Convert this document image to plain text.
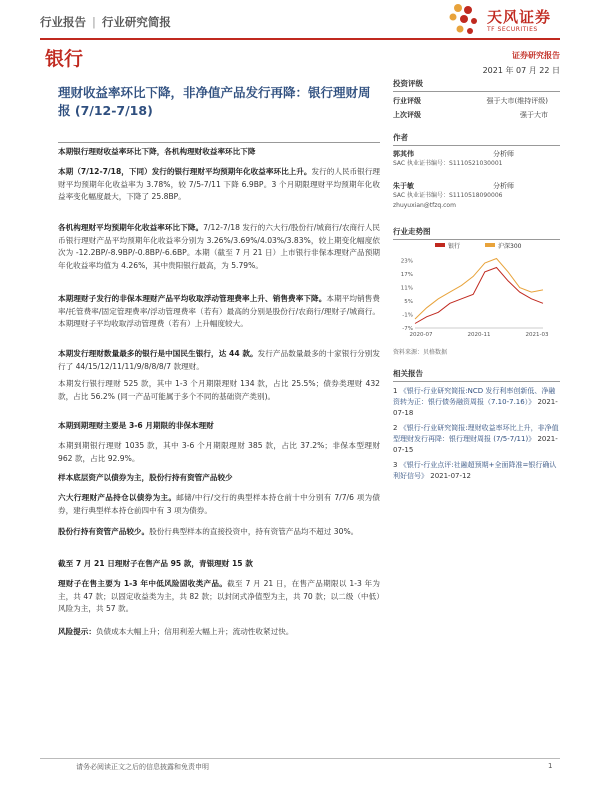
行业报告 | 行业研究简报	天风证券
TF SECURITIES
银行	证券研究报告
2021 年 07 月 22 日
理财收益率环比下降，非净值产品发行再降：银行理财周报 (7/12-7/18)
投资评级
行业评级	强于大市(维持评级)
上次评级	强于大市
作者
郭其伟	分析师
SAC 执业证书编号：S1110521030001
朱于敏	分析师
SAC 执业证书编号：S1110518090006
zhuyuxian@tfzq.com
行业走势图
银行	沪深300
23%
17%
11%
5%
-1%
-7%
2020-07	2020-11	2021-03
资料来源：贝格数据
相关报告
1 《银行-行业研究简报:NCD 发行利率创新低、净融资转为正：银行债务融资周报（7.10-7.16）》 2021-07-18
2 《银行-行业研究简报:理财收益率环比上升，非净值型理财发行再降：银行理财周报 (7/5-7/11)》 2021-07-15
3 《银行-行业点评:社融超预期+全面降准=银行确认利好信号》 2021-07-12
本期银行理财收益率环比下降，各机构理财收益率环比下降
本期（7/12-7/18，下同）发行的银行理财平均预期年化收益率环比上升。发行的人民币银行理财平均预期年化收益率为 3.78%，较 7/5-7/11 下降 6.9BP。3 个月期限理财平均预期年化收益率变化幅度最大，下降了 25.8BP。
各机构理财平均预期年化收益率环比下降。7/12-7/18 发行的六大行/股份行/城商行/农商行人民币银行理财产品平均预期年化收益率分别为 3.26%/3.69%/4.03%/3.83%，较上期变化幅度依次为 -12.2BP/-8.9BP/-0.8BP/-6.6BP。本期（截至 7 月 21 日）上市银行非保本理财产品预期年化收益率均值为 4.26%，其中贵阳银行最高，为 5.79%。
本期理财子发行的非保本理财产品平均收取浮动管理费率上升、销售费率下降。本期平均销售费率/托管费率/固定管理费率/浮动管理费率（若有）最高的分别是股份行/农商行/理财子/城商行。本期理财子平均收取浮动管理费（若有）上升幅度较大。
本期发行理财数量最多的银行是中国民生银行，达 44 款。发行产品数量最多的十家银行分别发行了 44/15/12/11/11/9/8/8/8/7 款理财。
本期发行银行理财 525 款，其中 1-3 个月期限理财 134 款，占比 25.5%；债券类理财 432 款，占比 56.2% (同一产品可能属于多个不同的基础资产类别)。
本期到期理财主要是 3-6 月期限的非保本理财
本期到期银行理财 1035 款，其中 3-6 个月期限理财 385 款，占比 37.2%；非保本型理财 962 款，占比 92.9%。
样本底层资产以债券为主，股份行持有资管产品较少
六大行理财产品持仓以债券为主。邮储/中行/交行的典型样本持仓前十中分别有 7/7/6 项为债券，建行典型样本持仓前四中有 3 项为债券。
股份行持有资管产品较少。股份行典型样本的直接投资中，持有资管产品均不超过 30%。
截至 7 月 21 日理财子在售产品 95 款，青银理财 15 款
理财子在售主要为 1-3 年中低风险固收类产品。截至 7 月 21 日，在售产品期限以 1-3 年为主，共 47 款；以固定收益类为主，共 82 款；以封闭式净值型为主，共 70 款；以二级（中低）风险为主，共 57 款。
风险提示：负债成本大幅上升；信用利差大幅上升；流动性收紧过快。
请务必阅读正文之后的信息披露和免责申明	1
